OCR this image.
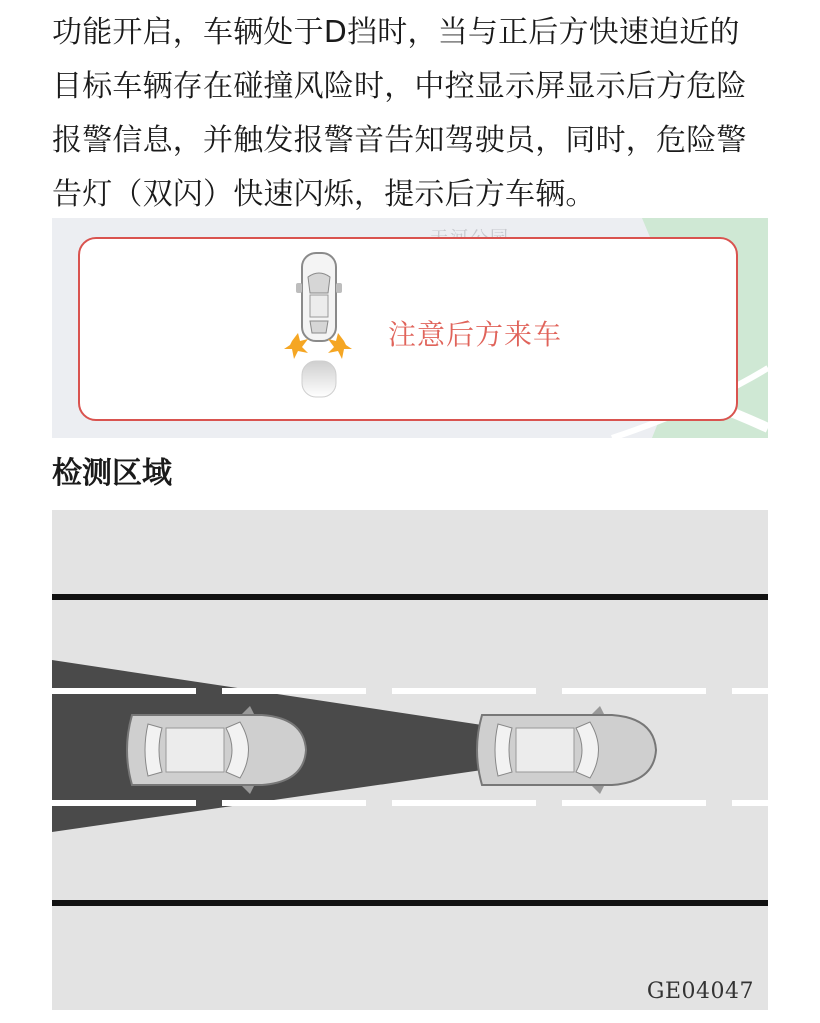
功能开启，车辆处于D挡时，当与正后方快速迫近的
目标车辆存在碰撞风险时，中控显示屏显示后方危险
报警信息，并触发报警音告知驾驶员，同时，危险警
告灯（双闪）快速闪烁，提示后方车辆。

注意后方来车
检测区域
GE04047
